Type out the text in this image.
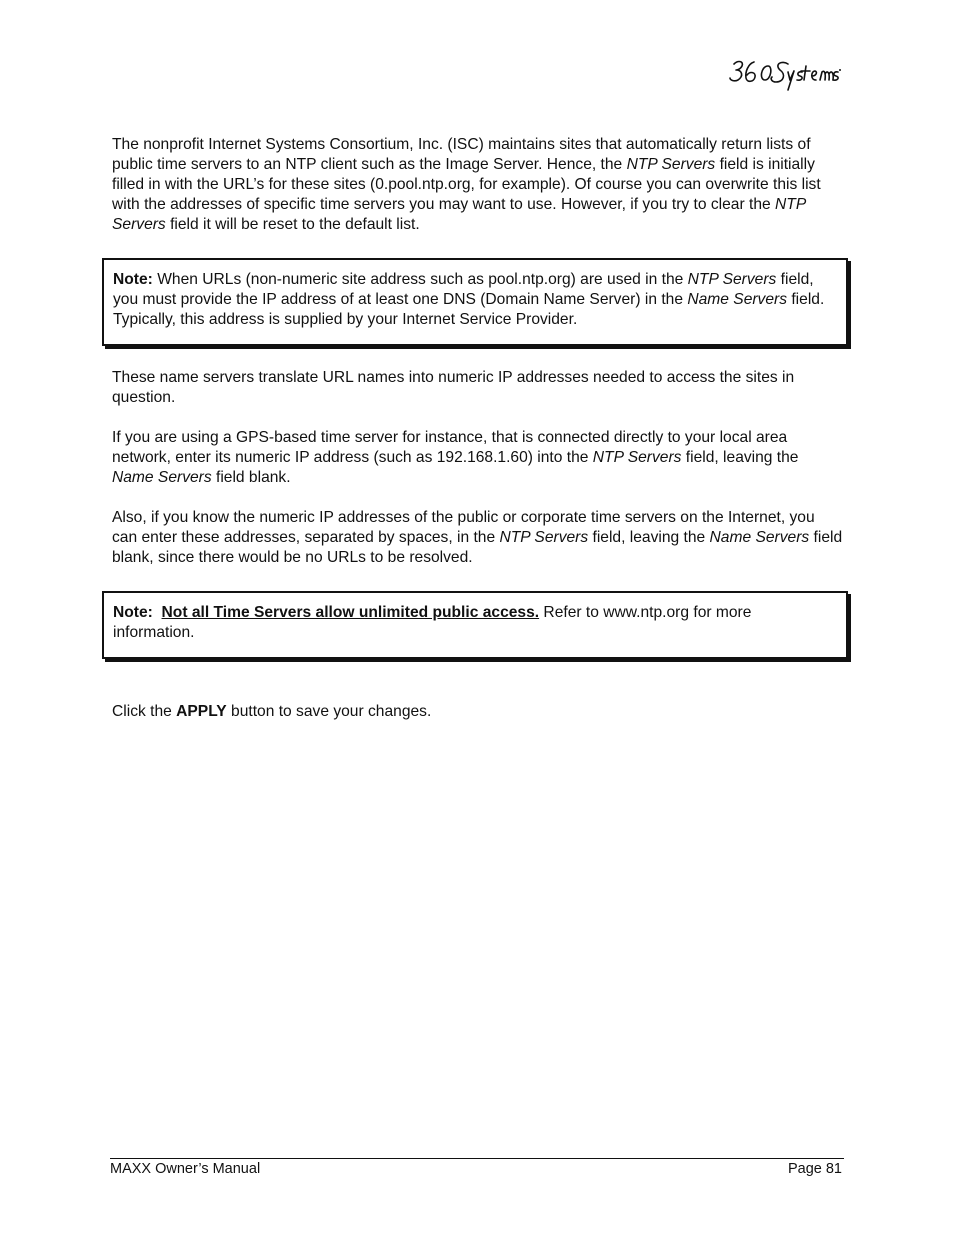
The nonprofit Internet Systems Consortium, Inc. (ISC) maintains sites that automatically return lists of public time servers to an NTP client such as the Image Server. Hence, the NTP Servers field is initially filled in with the URL’s for these sites (0.pool.ntp.org, for example). Of course you can overwrite this list with the addresses of specific time servers you may want to use. However, if you try to clear the NTP Servers field it will be reset to the default list.

Note: When URLs (non-numeric site address such as pool.ntp.org) are used in the NTP Servers field, you must provide the IP address of at least one DNS (Domain Name Server) in the Name Servers field. Typically, this address is supplied by your Internet Service Provider.

These name servers translate URL names into numeric IP addresses needed to access the sites in question.

If you are using a GPS-based time server for instance, that is connected directly to your local area network, enter its numeric IP address (such as 192.168.1.60) into the NTP Servers field, leaving the Name Servers field blank.

Also, if you know the numeric IP addresses of the public or corporate time servers on the Internet, you can enter these addresses, separated by spaces, in the NTP Servers field, leaving the Name Servers field blank, since there would be no URLs to be resolved.

Note: Not all Time Servers allow unlimited public access. Refer to www.ntp.org for more information.

Click the APPLY button to save your changes.

MAXX Owner’s Manual	Page 81
